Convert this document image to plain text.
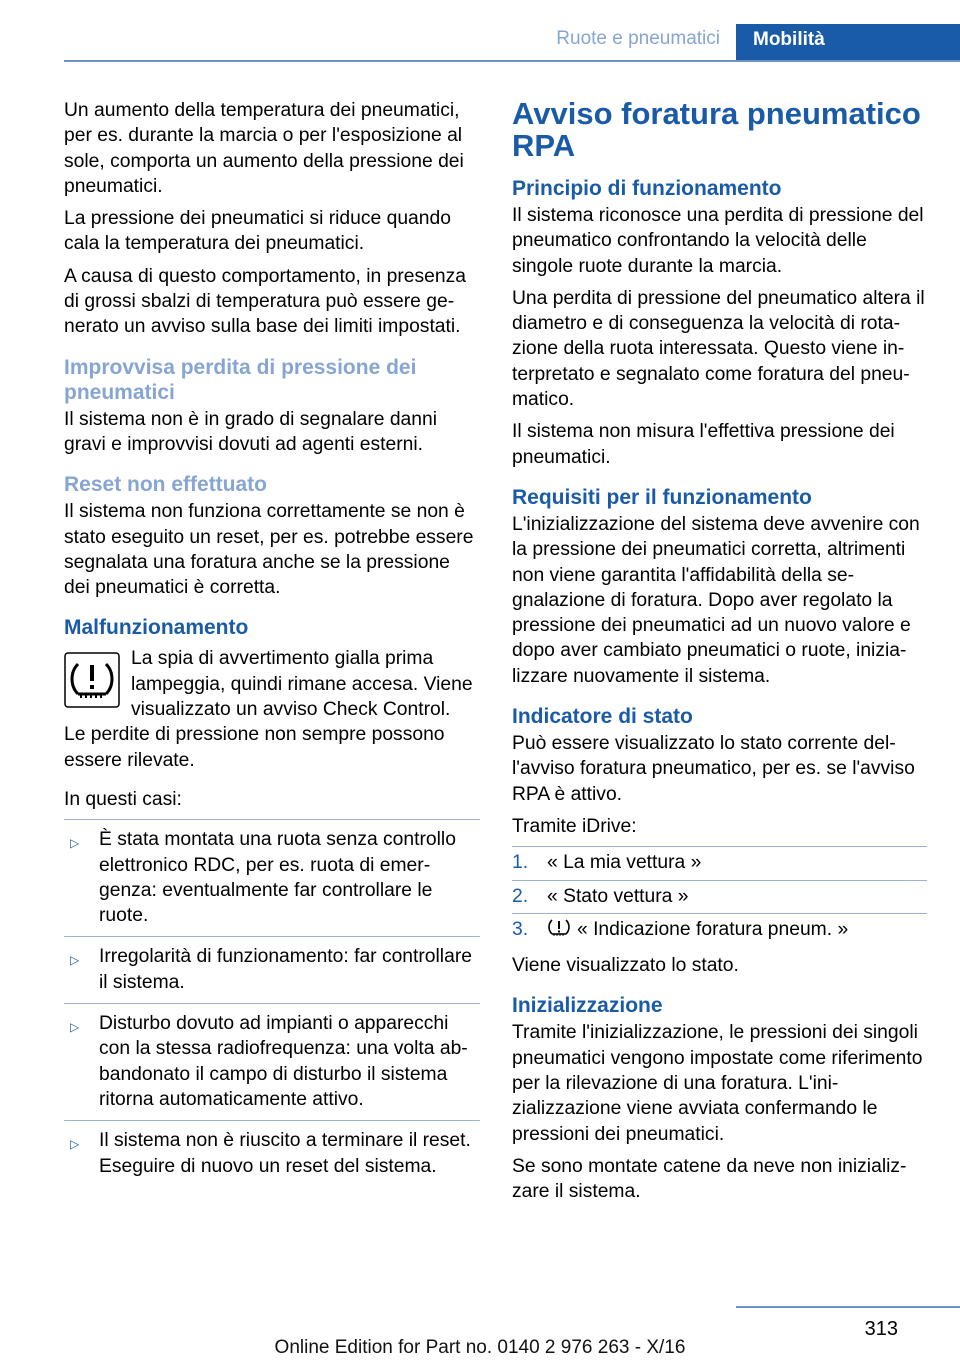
Ruote e pneumatici	Mobilità

Un aumento della temperatura dei pneumatici, per es. durante la marcia o per l'esposizione al sole, comporta un aumento della pressione dei pneumatici.

La pressione dei pneumatici si riduce quando cala la temperatura dei pneumatici.

A causa di questo comportamento, in presenza di grossi sbalzi di temperatura può essere generato un avviso sulla base dei limiti impostati.

Improvvisa perdita di pressione dei pneumatici

Il sistema non è in grado di segnalare danni gravi e improvvisi dovuti ad agenti esterni.

Reset non effettuato

Il sistema non funziona correttamente se non è stato eseguito un reset, per es. potrebbe essere segnalata una foratura anche se la pressione dei pneumatici è corretta.

Malfunzionamento
La spia di avvertimento gialla prima lampeggia, quindi rimane accesa. Viene visualizzato un avviso Check Control.

Le perdite di pressione non sempre possono essere rilevate.

In questi casi:

▷ È stata montata una ruota senza controllo elettronico RDC, per es. ruota di emergenza: eventualmente far controllare le ruote.
▷ Irregolarità di funzionamento: far controllare il sistema.
▷ Disturbo dovuto ad impianti o apparecchi con la stessa radiofrequenza: una volta abbandonato il campo di disturbo il sistema ritorna automaticamente attivo.
▷ Il sistema non è riuscito a terminare il reset. Eseguire di nuovo un reset del sistema.
Avviso foratura pneumatico RPA
Principio di funzionamento

Il sistema riconosce una perdita di pressione del pneumatico confrontando la velocità delle singole ruote durante la marcia.

Una perdita di pressione del pneumatico altera il diametro e di conseguenza la velocità di rotazione della ruota interessata. Questo viene interpretato e segnalato come foratura del pneumatico.

Il sistema non misura l'effettiva pressione dei pneumatici.

Requisiti per il funzionamento

L'inizializzazione del sistema deve avvenire con la pressione dei pneumatici corretta, altrimenti non viene garantita l'affidabilità della segnalazione di foratura. Dopo aver regolato la pressione dei pneumatici ad un nuovo valore e dopo aver cambiato pneumatici o ruote, inizializzare nuovamente il sistema.

Indicatore di stato

Può essere visualizzato lo stato corrente dell'avviso foratura pneumatico, per es. se l'avviso RPA è attivo.

Tramite iDrive:

1. « La mia vettura »
2. « Stato vettura »
3.	« Indicazione foratura pneum. »

Viene visualizzato lo stato.

Inizializzazione

Tramite l'inizializzazione, le pressioni dei singoli pneumatici vengono impostate come riferimento per la rilevazione di una foratura. L'inizializzazione viene avviata confermando le pressioni dei pneumatici.

Se sono montate catene da neve non inizializzare il sistema.

313
Online Edition for Part no. 0140 2 976 263 - X/16
